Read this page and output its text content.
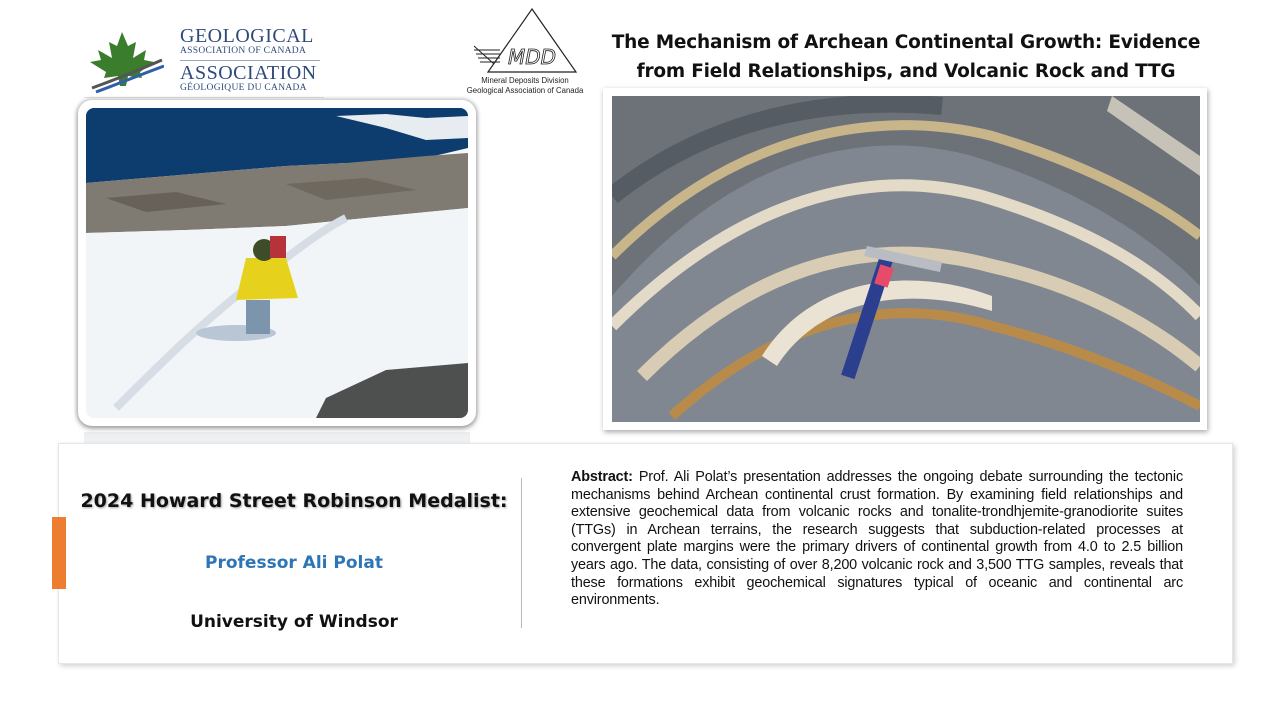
GEOLOGICAL
ASSOCIATION OF CANADA
ASSOCIATION
GÉOLOGIQUE DU CANADA
MDD
Mineral Deposits Division
Geological Association of Canada
The Mechanism of Archean Continental Growth: Evidence from Field Relationships, and Volcanic Rock and TTG
2024 Howard Street Robinson Medalist:
Professor Ali Polat
University of Windsor
Abstract: Prof. Ali Polat’s presentation addresses the ongoing debate surrounding the tectonic mechanisms behind Archean continental crust formation. By examining field relationships and extensive geochemical data from volcanic rocks and tonalite-trondhjemite-granodiorite suites (TTGs) in Archean terrains, the research suggests that subduction-related processes at convergent plate margins were the primary drivers of continental growth from 4.0 to 2.5 billion years ago. The data, consisting of over 8,200 volcanic rock and 3,500 TTG samples, reveals that these formations exhibit geochemical signatures typical of oceanic and continental arc environments.
